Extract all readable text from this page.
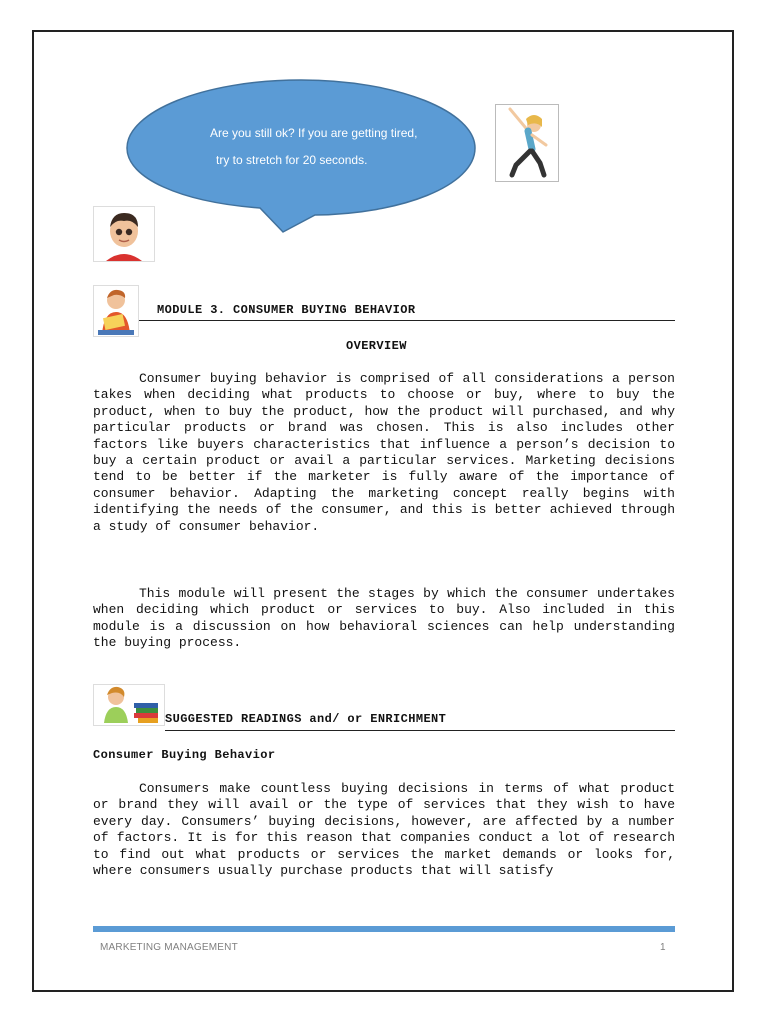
Are you still ok? If you are getting tired,
try to stretch for 20 seconds.
MODULE 3. CONSUMER BUYING BEHAVIOR
OVERVIEW

Consumer buying behavior is comprised of all considerations a person takes when deciding what products to choose or buy, where to buy the product, when to buy the product, how the product will purchased, and why particular products or brand was chosen. This is also includes other factors like buyers characteristics that influence a person’s decision to buy a certain product or avail a particular services. Marketing decisions tend to be better if the marketer is fully aware of the importance of consumer behavior. Adapting the marketing concept really begins with identifying the needs of the consumer, and this is better achieved through a study of consumer behavior.

This module will present the stages by which the consumer undertakes when deciding which product or services to buy. Also included in this module is a discussion on how behavioral sciences can help understanding the buying process.

SUGGESTED READINGS and/ or ENRICHMENT
Consumer Buying Behavior

Consumers make countless buying decisions in terms of what product or brand they will avail or the type of services that they wish to have every day. Consumers’ buying decisions, however, are affected by a number of factors. It is for this reason that companies conduct a lot of research to find out what products or services the market demands or looks for, where consumers usually purchase products that will satisfy

MARKETING MANAGEMENT	1
